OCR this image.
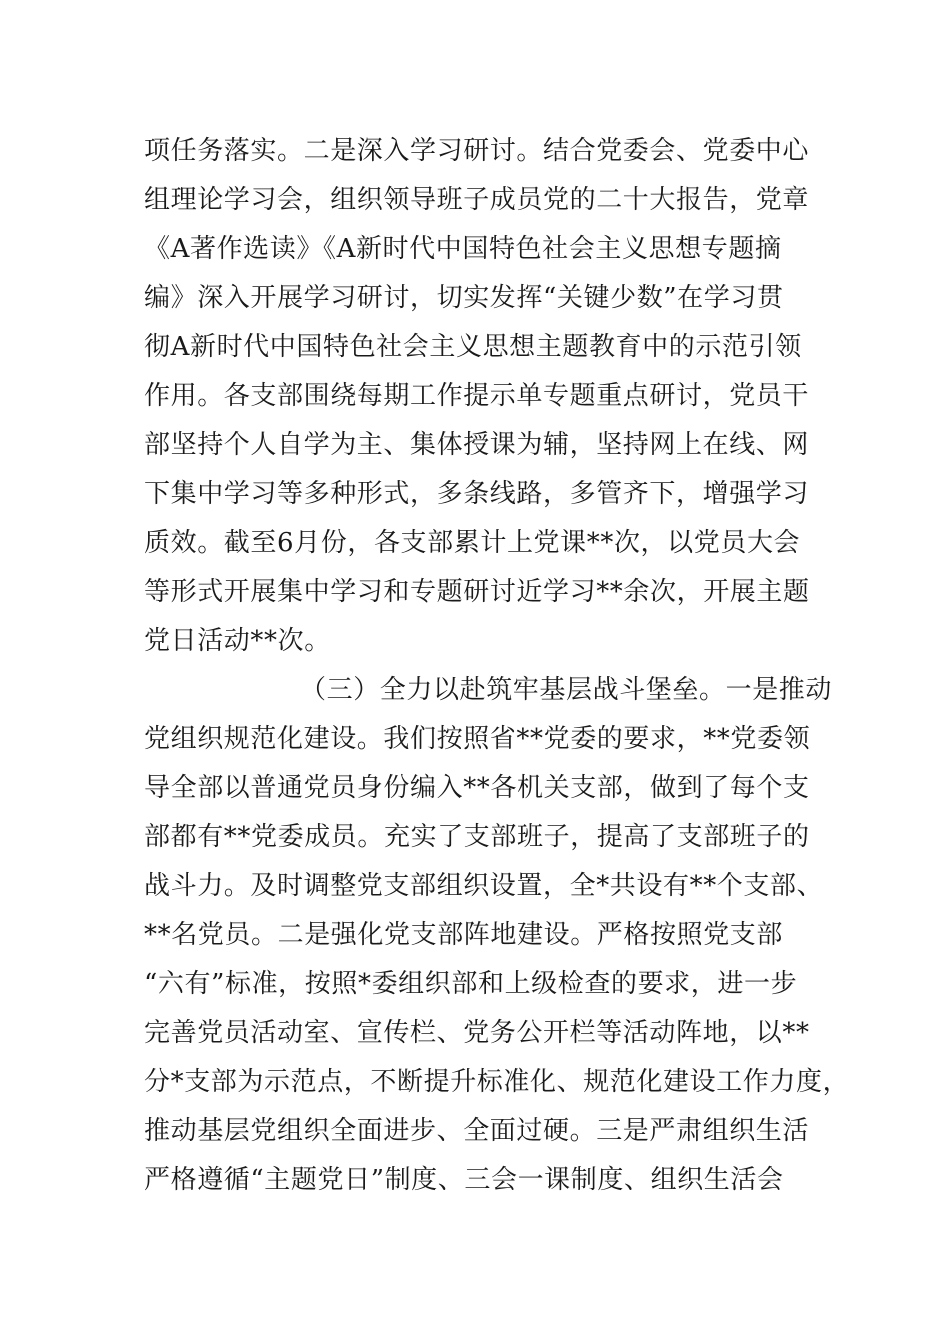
项任务落实。二是深入学习研讨。结合党委会、党委中心
组理论学习会，组织领导班子成员党的二十大报告，党章
《A著作选读》《A新时代中国特色社会主义思想专题摘
编》深入开展学习研讨，切实发挥“关键少数”在学习贯
彻A新时代中国特色社会主义思想主题教育中的示范引领
作用。各支部围绕每期工作提示单专题重点研讨，党员干
部坚持个人自学为主、集体授课为辅，坚持网上在线、网
下集中学习等多种形式，多条线路，多管齐下，增强学习
质效。截至6月份，各支部累计上党课**次，以党员大会
等形式开展集中学习和专题研讨近学习**余次，开展主题
党日活动**次。
（三）全力以赴筑牢基层战斗堡垒。一是推动
党组织规范化建设。我们按照省**党委的要求，**党委领
导全部以普通党员身份编入**各机关支部，做到了每个支
部都有**党委成员。充实了支部班子，提高了支部班子的
战斗力。及时调整党支部组织设置，全*共设有**个支部、
**名党员。二是强化党支部阵地建设。严格按照党支部
“六有”标准，按照*委组织部和上级检查的要求，进一步
完善党员活动室、宣传栏、党务公开栏等活动阵地，以**
分*支部为示范点，不断提升标准化、规范化建设工作力度，
推动基层党组织全面进步、全面过硬。三是严肃组织生活
严格遵循“主题党日”制度、三会一课制度、组织生活会
